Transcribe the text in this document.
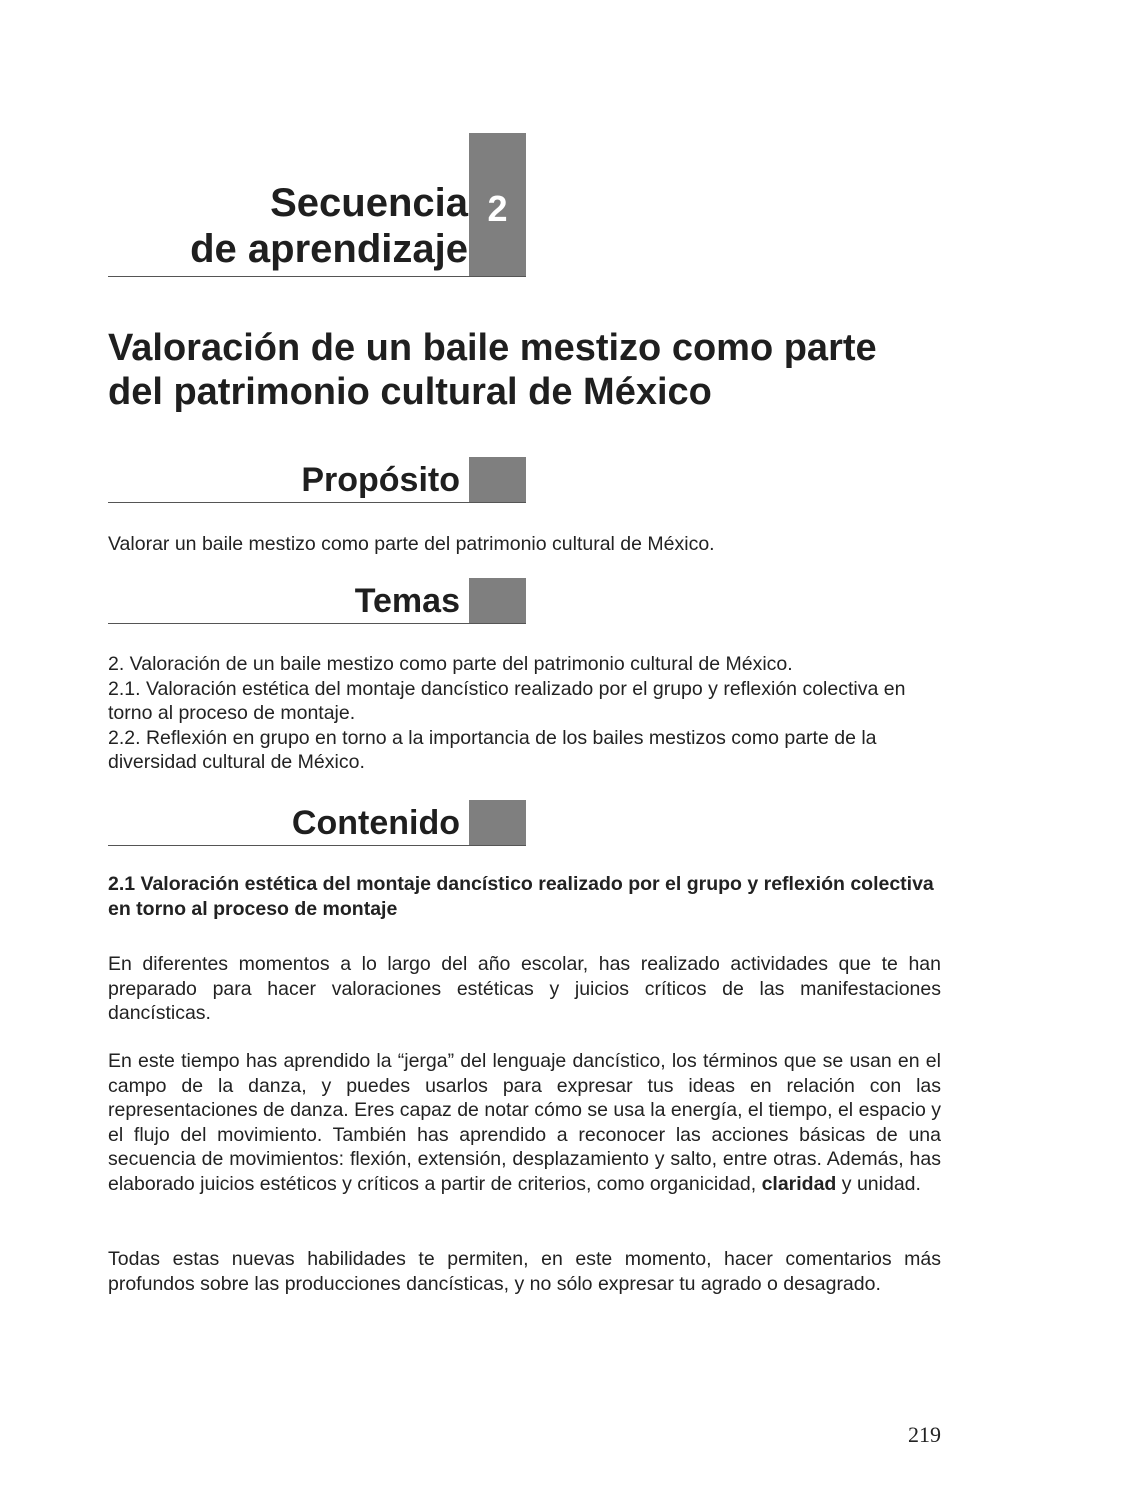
Secuencia
de aprendizaje
2
Valoración de un baile mestizo como parte
del patrimonio cultural de México
Propósito

Valorar un baile mestizo como parte del patrimonio cultural de México.

Temas

2. Valoración de un baile mestizo como parte del patrimonio cultural de México.

2.1. Valoración estética del montaje dancístico realizado por el grupo y reflexión colectiva en torno al proceso de montaje.

2.2. Reflexión en grupo en torno a la importancia de los bailes mestizos como parte de la diversidad cultural de México.

Contenido

2.1 Valoración estética del montaje dancístico realizado por el grupo y reflexión colectiva en torno al proceso de montaje

En diferentes momentos a lo largo del año escolar, has realizado actividades que te han preparado para hacer valoraciones estéticas y juicios críticos de las manifestaciones dancísticas.

En este tiempo has aprendido la “jerga” del lenguaje dancístico, los términos que se usan en el campo de la danza, y puedes usarlos para expresar tus ideas en relación con las representaciones de danza. Eres capaz de notar cómo se usa la energía, el tiempo, el espacio y el flujo del movimiento. También has aprendido a reconocer las acciones básicas de una secuencia de movimientos: flexión, extensión, desplazamiento y salto, entre otras. Además, has elaborado juicios estéticos y críticos a partir de criterios, como organicidad, claridad y unidad.

Todas estas nuevas habilidades te permiten, en este momento, hacer comentarios más profundos sobre las producciones dancísticas, y no sólo expresar tu agrado o desagrado.

219
